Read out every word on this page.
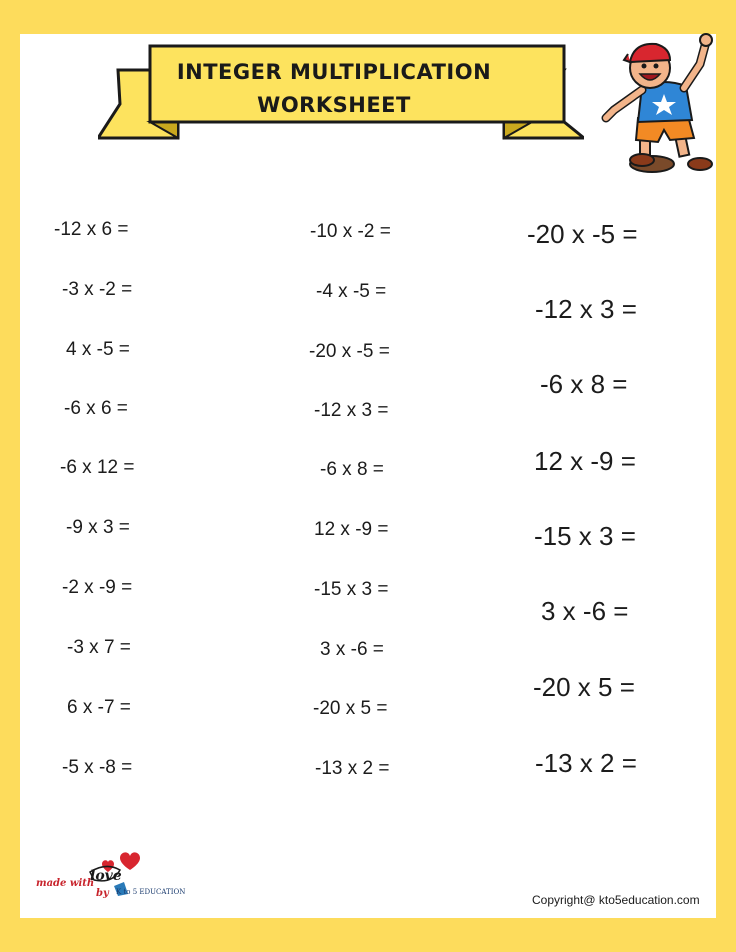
INTEGER MULTIPLICATION
WORKSHEET
-12 x 6 =
-3 x -2 =
4 x -5 =
-6 x 6 =
-6 x 12 =
-9 x 3 =
-2 x -9 =
-3 x 7 =
6 x -7 =
-5 x -8 =
-10 x -2 =
-4 x -5 =
-20 x -5 =
-12 x 3 =
-6 x 8 =
12 x -9 =
-15 x 3 =
3 x -6 =
-20 x 5 =
-13 x 2 =
-20 x -5 =
-12 x 3 =
-6 x 8 =
12 x -9 =
-15 x 3 =
3 x -6 =
-20 x 5 =
-13 x 2 =
made with
love
by K to 5 EDUCATION
Copyright@ kto5education.com
